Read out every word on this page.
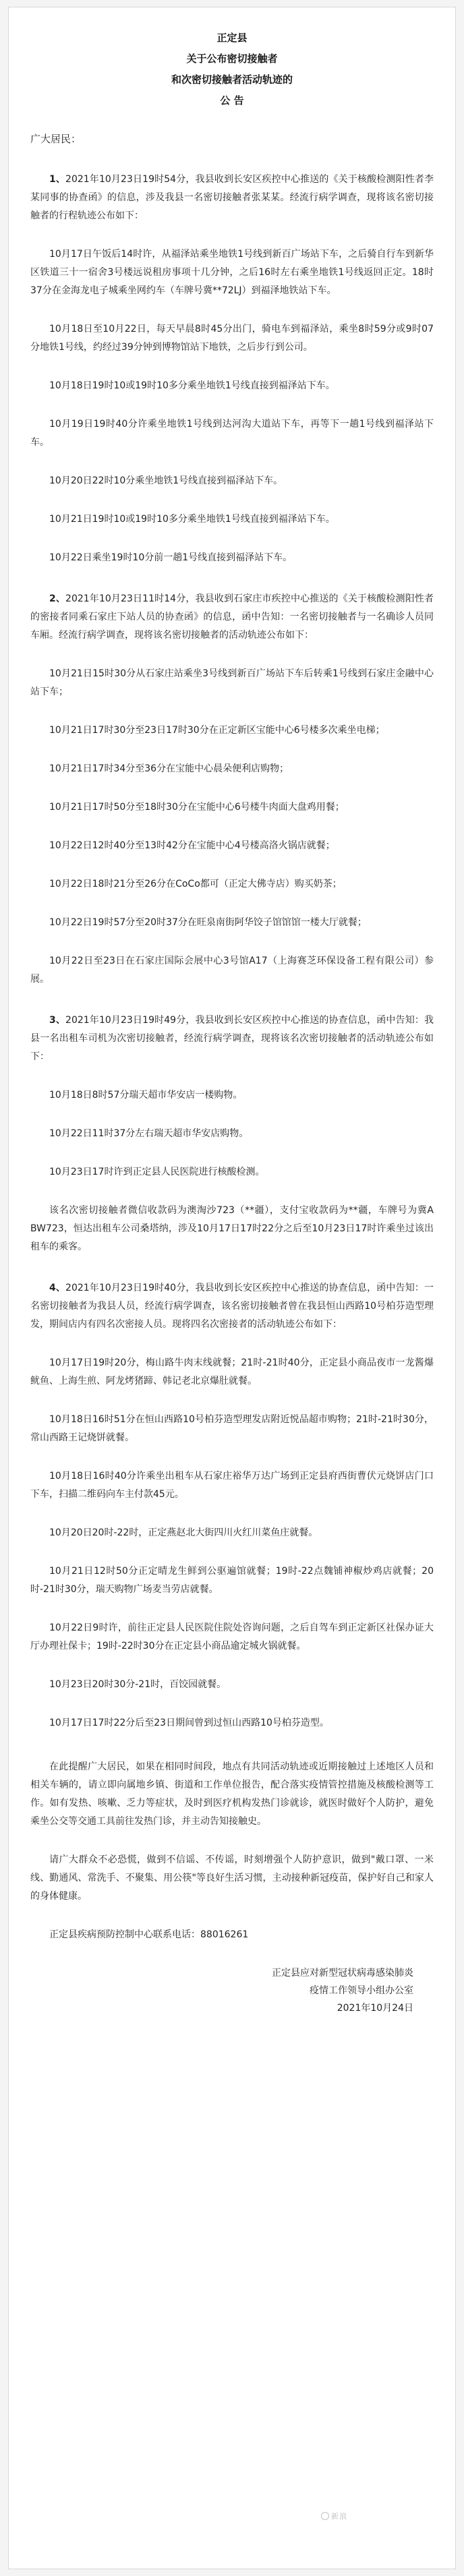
正定县
关于公布密切接触者
和次密切接触者活动轨迹的
公 告
广大居民：

1、2021年10月23日19时54分，我县收到长安区疾控中心推送的《关于核酸检测阳性者李某同事的协查函》的信息，涉及我县一名密切接触者张某某。经流行病学调查，现将该名密切接触者的行程轨迹公布如下：

10月17日午饭后14时许，从福泽站乘坐地铁1号线到新百广场站下车，之后骑自行车到新华区铁道三十一宿舍3号楼远说租房事项十几分钟，之后16时左右乘坐地铁1号线返回正定。18时37分在金海龙电子城乘坐网约车（车牌号冀**72LJ）到福泽地铁站下车。

10月18日至10月22日，每天早晨8时45分出门，骑电车到福泽站，乘坐8时59分或9时07分地铁1号线，约经过39分钟到博物馆站下地铁，之后步行到公司。

10月18日19时10或19时10多分乘坐地铁1号线直接到福泽站下车。

10月19日19时40分许乘坐地铁1号线到达河沟大道站下车，再等下一趟1号线到福泽站下车。

10月20日22时10分乘坐地铁1号线直接到福泽站下车。

10月21日19时10或19时10多分乘坐地铁1号线直接到福泽站下车。

10月22日乘坐19时10分前一趟1号线直接到福泽站下车。

2、2021年10月23日11时14分，我县收到石家庄市疾控中心推送的《关于核酸检测阳性者的密接者同乘石家庄下站人员的协查函》的信息，函中告知：一名密切接触者与一名确诊人员同车厢。经流行病学调查，现将该名密切接触者的活动轨迹公布如下：

10月21日15时30分从石家庄站乘坐3号线到新百广场站下车后转乘1号线到石家庄金融中心站下车；

10月21日17时30分至23日17时30分在正定新区宝能中心6号楼多次乘坐电梯；

10月21日17时34分至36分在宝能中心晨朵便利店购物；

10月21日17时50分至18时30分在宝能中心6号楼牛肉面大盘鸡用餐；

10月22日12时40分至13时42分在宝能中心4号楼高洛火锅店就餐；

10月22日18时21分至26分在CoCo都可（正定大佛寺店）购买奶茶；

10月22日19时57分至20时37分在旺泉南街阿华饺子馆馆馆一楼大厅就餐；

10月22日至23日在石家庄国际会展中心3号馆A17（上海赛芝环保设备工程有限公司）参展。

3、2021年10月23日19时49分，我县收到长安区疾控中心推送的协查信息，函中告知：我县一名出租车司机为次密切接触者，经流行病学调查，现将该名次密切接触者的活动轨迹公布如下：

10月18日8时57分瑞天超市华安店一楼购物。

10月22日11时37分左右瑞天超市华安店购物。

10月23日17时许到正定县人民医院进行核酸检测。

该名次密切接触者微信收款码为澳淘沙723（**疆），支付宝收款码为**疆，车牌号为冀A BW723，恒达出租车公司桑塔纳，涉及10月17日17时22分之后至10月23日17时许乘坐过该出租车的乘客。

4、2021年10月23日19时40分，我县收到长安区疾控中心推送的协查信息，函中告知：一名密切接触者为我县人员，经流行病学调查，该名密切接触者曾在我县恒山西路10号柏芬造型理发，期间店内有四名次密接人员。现将四名次密接者的活动轨迹公布如下：

10月17日19时20分，梅山路牛肉末线就餐；21时-21时40分，正定县小商品夜市一龙酱爆鱿鱼、上海生煎、阿龙烤猪蹄、韩记老北京爆肚就餐。

10月18日16时51分在恒山西路10号柏芬造型理发店附近悦品超市购物；21时-21时30分，常山西路王记烧饼就餐。

10月18日16时40分许乘坐出租车从石家庄裕华万达广场到正定县府西街曹伏元烧饼店门口下车，扫描二维码向车主付款45元。

10月20日20时-22时，正定燕赵北大街四川火红川菜鱼庄就餐。

10月21日12时50分正定晴龙生鲜到公驱遍馆就餐；19时-22点魏铺神椒炒鸡店就餐；20时-21时30分，瑞天购物广场麦当劳店就餐。

10月22日9时许，前往正定县人民医院住院处咨询问题，之后自驾车到正定新区社保办证大厅办理社保卡；19时-22时30分在正定县小商品逾定城火锅就餐。

10月23日20时30分-21时，百饺园就餐。

10月17日17时22分后至23日期间曾到过恒山西路10号柏芬造型。

在此提醒广大居民，如果在相同时间段，地点有共同活动轨迹或近期接触过上述地区人员和相关车辆的，请立即向属地乡镇、街道和工作单位报告，配合落实疫情管控措施及核酸检测等工作。如有发热、咳嗽、乏力等症状，及时到医疗机构发热门诊就诊，就医时做好个人防护，避免乘坐公交等交通工具前往发热门诊，并主动告知接触史。

请广大群众不必恐慌，做到不信谣、不传谣，时刻增强个人防护意识，做到"戴口罩、一米线、勤通风、常洗手、不聚集、用公筷"等良好生活习惯，主动接种新冠疫苗，保护好自己和家人的身体健康。

正定县疾病预防控制中心联系电话：88016261

正定县应对新型冠状病毒感染肺炎
疫情工作领导小组办公室
2021年10月24日
新浪
